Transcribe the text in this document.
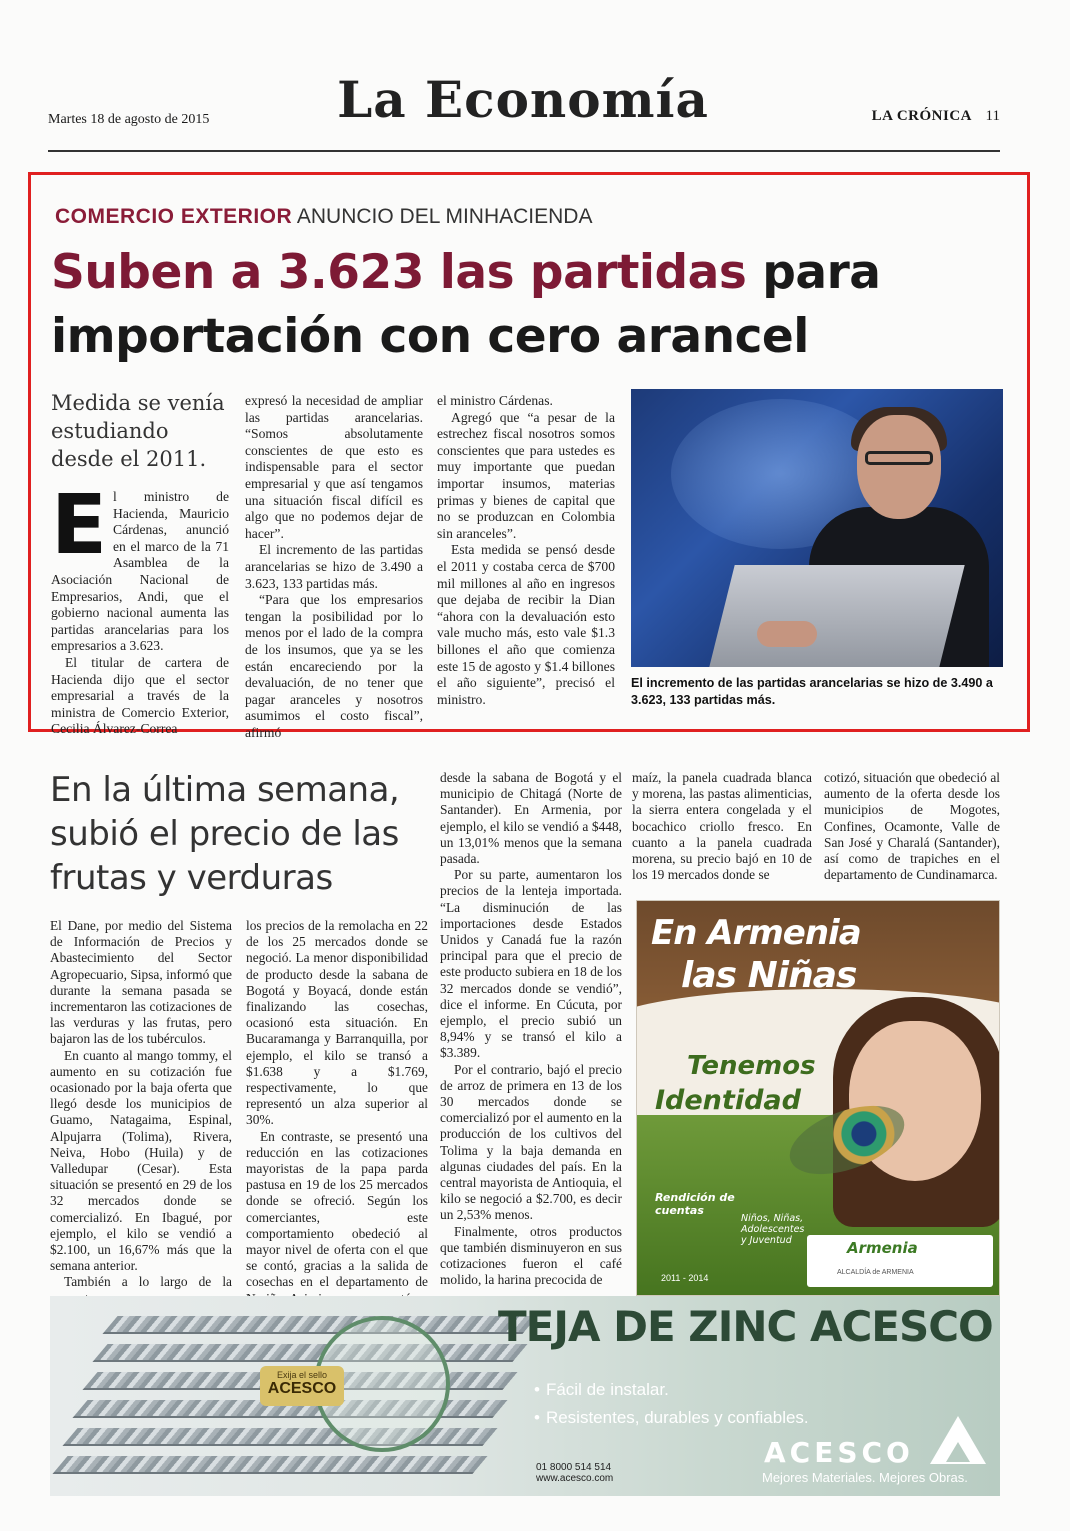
Martes 18 de agosto de 2015	La Economía	LA CRÓNICA 11
COMERCIO EXTERIOR ANUNCIO DEL MINHACIENDA
Suben a 3.623 las partidas para importación con cero arancel
Medida se venía estudiando desde el 2011.

El ministro de Hacienda, Mauricio Cárdenas, anunció en el marco de la 71 Asamblea de la Asociación Nacional de Empresarios, Andi, que el gobierno nacional aumenta las partidas arancelarias para los empresarios a 3.623.

El titular de cartera de Hacienda dijo que el sector empresarial a través de la ministra de Comercio Exterior, Cecilia Álvarez-Correa

expresó la necesidad de ampliar las partidas arancelarias. “Somos absolutamente conscientes de que esto es indispensable para el sector empresarial y que así tengamos una situación fiscal difícil es algo que no podemos dejar de hacer”.

El incremento de las partidas arancelarias se hizo de 3.490 a 3.623, 133 partidas más.

“Para que los empresarios tengan la posibilidad por lo menos por el lado de la compra de los insumos, que ya se les están encareciendo por la devaluación, de no tener que pagar aranceles y nosotros asumimos el costo fiscal”, afirmó

el ministro Cárdenas.

Agregó que “a pesar de la estrechez fiscal nosotros somos conscientes que para ustedes es muy importante que puedan importar insumos, materias primas y bienes de capital que no se produzcan en Colombia sin aranceles”.

Esta medida se pensó desde el 2011 y costaba cerca de $700 mil millones al año en ingresos que dejaba de recibir la Dian “ahora con la devaluación esto vale mucho más, esto vale $1.3 billones el año que comienza este 15 de agosto y $1.4 billones el año siguiente”, precisó el ministro.

El incremento de las partidas arancelarias se hizo de 3.490 a 3.623, 133 partidas más.
En la última semana, subió el precio de las frutas y verduras

El Dane, por medio del Sistema de Información de Precios y Abastecimiento del Sector Agropecuario, Sipsa, informó que durante la semana pasada se incrementaron las cotizaciones de las verduras y las frutas, pero bajaron las de los tubérculos.

En cuanto al mango tommy, el aumento en su cotización fue ocasionado por la baja oferta que llegó desde los municipios de Guamo, Natagaima, Espinal, Alpujarra (Tolima), Rivera, Neiva, Hobo (Huila) y de Valledupar (Cesar). Esta situación se presentó en 29 de los 32 mercados donde se comercializó. En Ibagué, por ejemplo, el kilo se vendió a $2.100, un 16,67% más que la semana anterior.

También a lo largo de la

los precios de la remolacha en 22 de los 25 mercados donde se negoció. La menor disponibilidad de producto desde la sabana de Bogotá y Boyacá, donde están finalizando las cosechas, ocasionó esta situación. En Bucaramanga y Barranquilla, por ejemplo, el kilo se transó a $1.638 y a $1.769, respectivamente, lo que representó un alza superior al 30%.

En contraste, se presentó una reducción en las cotizaciones mayoristas de la papa parda pastusa en 19 de los 25 mercados donde se ofreció. Según los comerciantes, este comportamiento obedeció al mayor nivel de oferta con el que se contó, gracias a la salida de cosechas en el departamento de

desde la sabana de Bogotá y el municipio de Chitagá (Norte de Santander). En Armenia, por ejemplo, el kilo se vendió a $448, un 13,01% menos que la semana pasada.

Por su parte, aumentaron los precios de la lenteja importada. “La disminución de las importaciones desde Estados Unidos y Canadá fue la razón principal para que el precio de este producto subiera en 18 de los 32 mercados donde se vendió”, dice el informe. En Cúcuta, por ejemplo, el precio subió un 8,94% y se transó el kilo a $3.389.

Por el contrario, bajó el precio de arroz de primera en 13 de los 30 mercados donde se comercializó por el aumento en la producción de los cultivos del Tolima y la baja demanda en algunas ciudades del país. En la central mayorista de Antioquia, el kilo se negoció a $2.700, es decir un 2,53% menos.

Finalmente, otros productos que también disminuyeron en sus cotizaciones fueron el café molido, la harina precocida de

maíz, la panela cuadrada blanca y morena, las pastas alimenticias, la sierra entera congelada y el bocachico criollo fresco. En cuanto a la panela cuadrada morena, su precio bajó en 10 de los 19 mercados donde se

cotizó, situación que obedeció al aumento de la oferta desde los municipios de Mogotes, Confines, Ocamonte, Valle de San José y Charalá (Santander), así como de trapiches en el departamento de Cundinamarca.

En Armenia
las Niñas
Tenemos
Identidad
Rendición de cuentas
Niños, Niñas, Adolescentes y Juventud
2011 - 2014
Armenia
ALCALDÍA de ARMENIA
Exija el sello
ACESCO
TEJA DE ZINC ACESCO
• Fácil de instalar.
• Resistentes, durables y confiables.
01 8000 514 514
www.acesco.com
ACESCO
Mejores Materiales. Mejores Obras.
